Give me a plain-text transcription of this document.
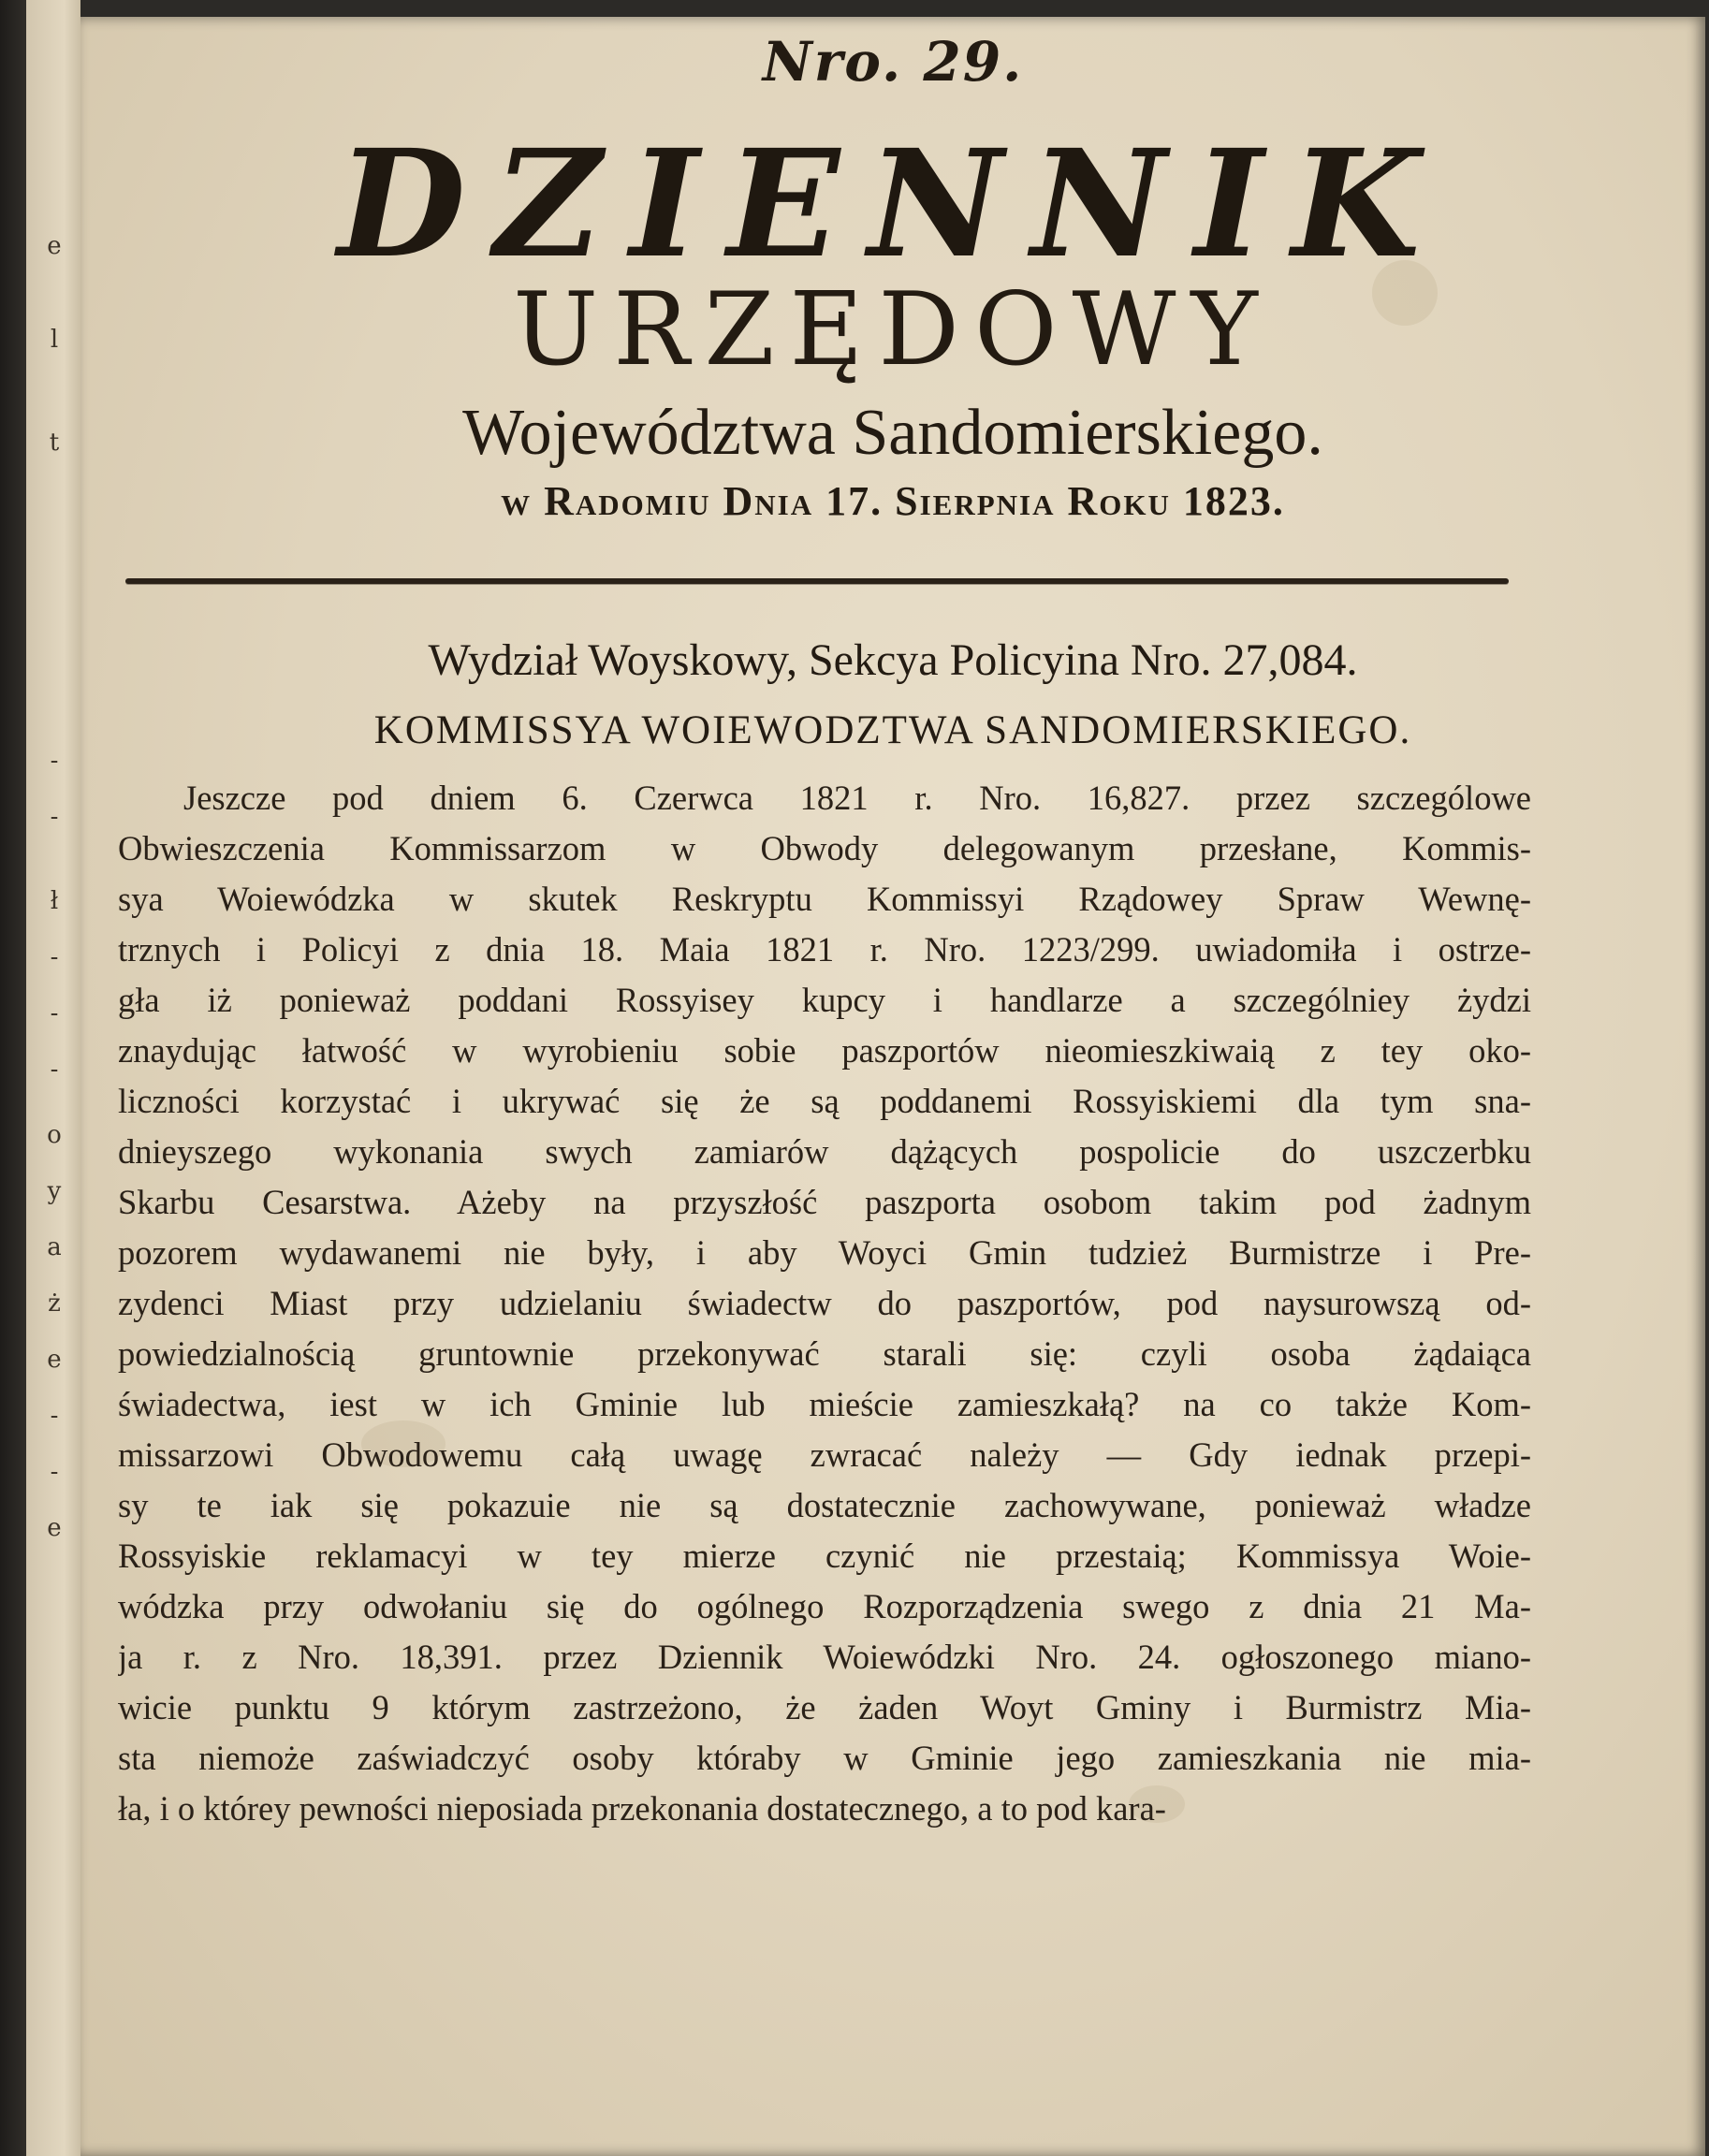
e
l
t
-
-
ł
-
-
-
o
y
a
ż
e
-
-
e
Nro. 29.
DZIENNIK
URZĘDOWY
Województwa Sandomierskiego.
w Radomiu Dnia 17. Sierpnia Roku 1823.
Wydział Woyskowy, Sekcya Policyina Nro. 27,084.
KOMMISSYA WOIEWODZTWA SANDOMIERSKIEGO.
Jeszcze pod dniem 6. Czerwca 1821 r. Nro. 16,827. przez szczególowe
Obwieszczenia Kommissarzom w Obwody delegowanym przesłane, Kommis-
sya Woiewódzka w skutek Reskryptu Kommissyi Rządowey Spraw Wewnę-
trznych i Policyi z dnia 18. Maia 1821 r. Nro. 1223/299. uwiadomiła i ostrze-
gła iż ponieważ poddani Rossyisey kupcy i handlarze a szczególniey żydzi
znaydując łatwość w wyrobieniu sobie paszportów nieomieszkiwaią z tey oko-
liczności korzystać i ukrywać się że są poddanemi Rossyiskiemi dla tym snа-
dnieyszego wykonania swych zamiarów dążących pospolicie do uszczerbku
Skarbu Cesarstwa. Ażeby na przyszłość paszporta osobom takim pod żadnym
pozorem wydawanemi nie były, i aby Woyci Gmin tudzież Burmistrze i Pre-
zydenci Miast przy udzielaniu świadectw do paszportów, pod naysurowszą od-
powiedzialnością gruntownie przekonywać starali się: czyli osoba żądaiąca
świadectwa, iest w ich Gminie lub mieście zamieszkałą? na co także Kom-
missarzowi Obwodowemu całą uwagę zwracać należy — Gdy iednak przepi-
sy te iak się pokazuie nie są dostatecznie zachowywane, ponieważ władze
Rossyiskie reklamacyi w tey mierze czynić nie przestaią; Kommissya Woie-
wódzka przy odwołaniu się do ogólnego Rozporządzenia swego z dnia 21 Ma-
ja r. z Nro. 18,391. przez Dziennik Woiewódzki Nro. 24. ogłoszonego miano-
wicie punktu 9 którym zastrzeżono, że żaden Woyt Gminy i Burmistrz Mia-
sta niemoże zaświadczyć osoby którаby w Gminie jego zamieszkania nie mia-
ła, i o którey pewności nieposiada przekonania dostatecznego, a to pod kara-
